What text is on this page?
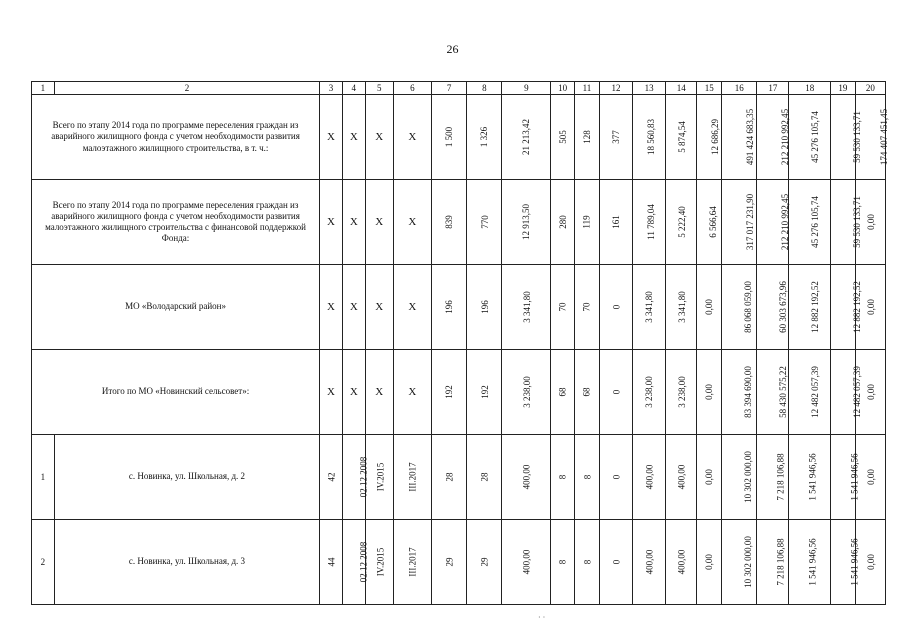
26
1	2	3	4	5	6	7	8	9	10	11	12	13	14	15	16	17	18	19	20
Всего по этапу 2014 года по программе переселения граждан из аварийного жилищного фонда с учетом необходимости развития малоэтажного жилищного строительства, в т. ч.:		X	X	X	X	1 500	1 326	21 213,42	505	128	377	18 560,83	5 874,54	12 686,29	491 424 683,35	212 210 992,45	45 276 105,74	59 530 133,71	174 407 451,45
Всего по этапу 2014 года по программе переселения граждан из аварийного жилищного фонда с учетом необходимости развития малоэтажного жилищного строительства с финансовой поддержкой Фонда:		X	X	X	X	839	770	12 913,50	280	119	161	11 789,04	5 222,40	6 566,64	317 017 231,90	212 210 992,45	45 276 105,74	59 530 133,71	0,00
МО «Володарский район»		X	X	X	X	196	196	3 341,80	70	70	0	3 341,80	3 341,80	0,00	86 068 059,00	60 303 673,96	12 882 192,52	12 882 192,52	0,00
Итого по МО «Новинский сельсовет»:		X	X	X	X	192	192	3 238,00	68	68	0	3 238,00	3 238,00	0,00	83 394 690,00	58 430 575,22	12 482 057,39	12 482 057,39	0,00
1	с. Новинка, ул. Школьная, д. 2	42	02.12.2008	IV.2015	III.2017	28	28	400,00	8	8	0	400,00	400,00	0,00	10 302 000,00	7 218 106,88	1 541 946,56	1 541 946,56	0,00
2	с. Новинка, ул. Школьная, д. 3	44	02.12.2008	IV.2015	III.2017	29	29	400,00	8	8	0	400,00	400,00	0,00	10 302 000,00	7 218 106,88	1 541 946,56	1 541 946,56	0,00
· ·
